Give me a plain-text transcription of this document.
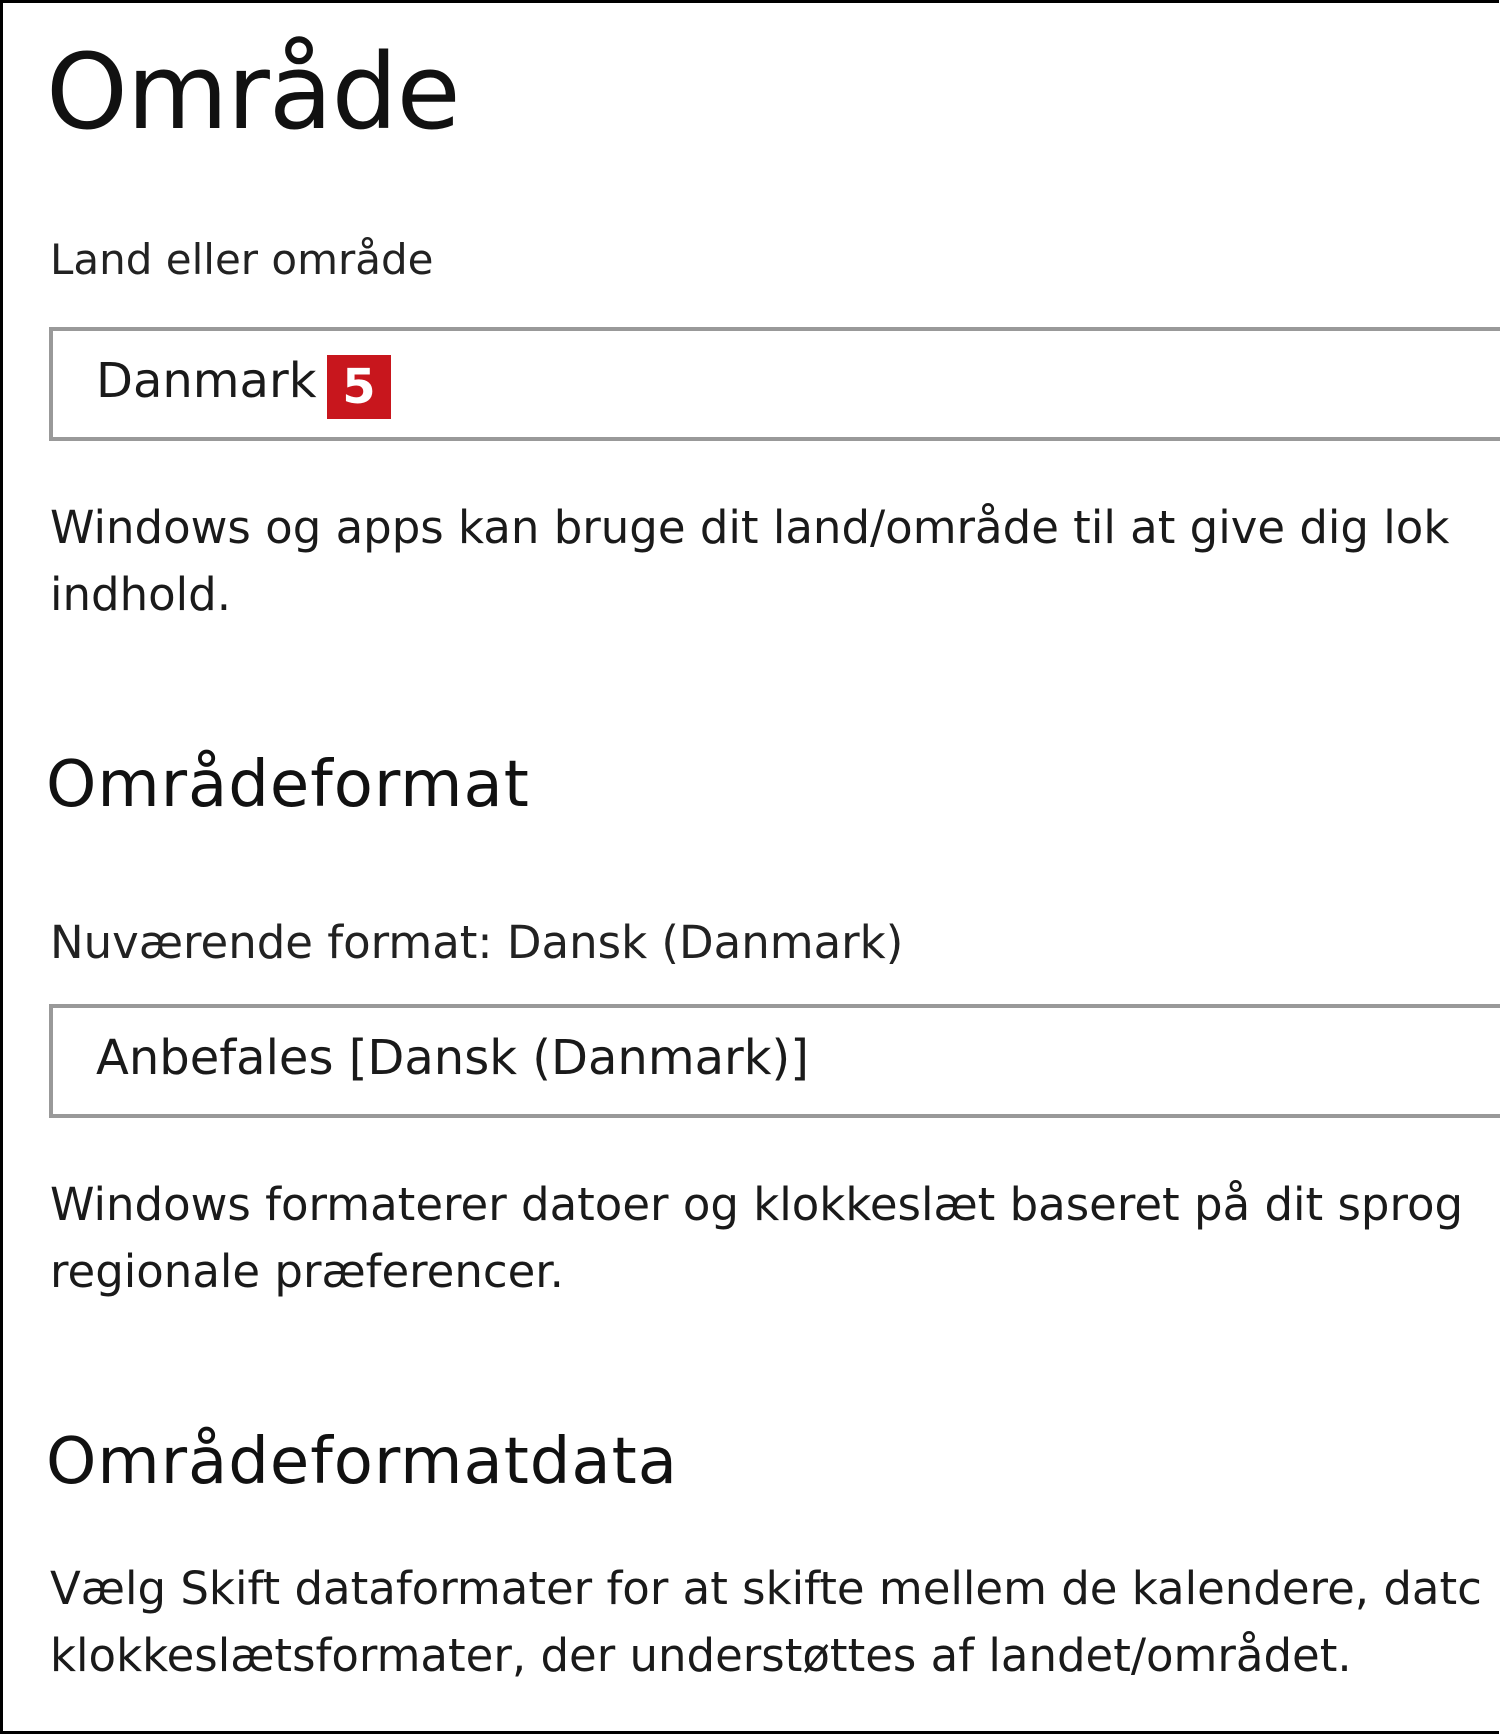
Område
Land eller område
Danmark 5

Windows og apps kan bruge dit land/område til at give dig lok
indhold.

Områdeformat
Nuværende format: Dansk (Danmark)
Anbefales [Dansk (Danmark)]

Windows formaterer datoer og klokkeslæt baseret på dit sprog
regionale præferencer.

Områdeformatdata

Vælg Skift dataformater for at skifte mellem de kalendere, datc
klokkeslætsformater, der understøttes af landet/området.
